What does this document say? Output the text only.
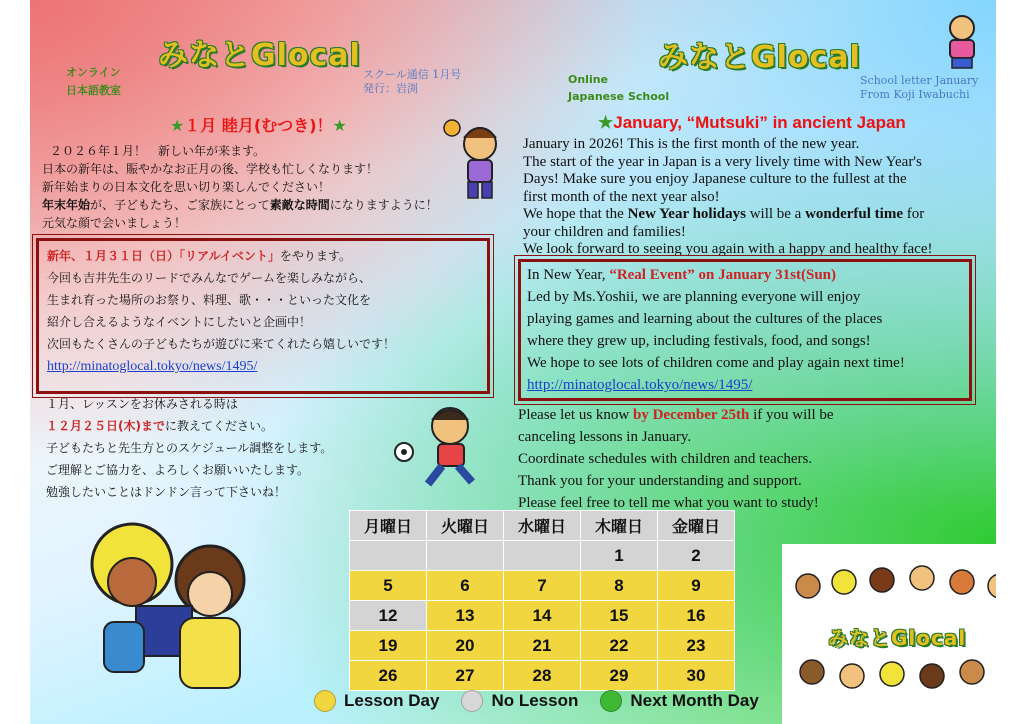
みなとGlocal
オンライン
日本語教室
スクール通信 1月号
発行：岩渕
★１月 睦月(むつき)！★
２０２６年１月！　新しい年が来ます。
日本の新年は、賑やかなお正月の後、学校も忙しくなります！
新年始まりの日本文化を思い切り楽しんでください！
年末年始が、子どもたち、ご家族にとって素敵な時間になりますように！
元気な顔で会いましょう！
新年、１月３１日（日）「リアルイベント」をやります。
今回も吉井先生のリードでみんなでゲームを楽しみながら、
生まれ育った場所のお祭り、料理、歌・・・といった文化を
紹介し合えるようなイベントにしたいと企画中！
次回もたくさんの子どもたちが遊びに来てくれたら嬉しいです！
http://minatoglocal.tokyo/news/1495/
１月、レッスンをお休みされる時は
１２月２５日(木)までに教えてください。
子どもたちと先生方とのスケジュール調整をします。
ご理解とご協力を、よろしくお願いいたします。
勉強したいことはドンドン言って下さいね！
みなとGlocal
Online
Japanese School
School letter January
From Koji Iwabuchi
★January, “Mutsuki” in ancient Japan
January in 2026! This is the first month of the new year.
The start of the year in Japan is a very lively time with New Year's
Days! Make sure you enjoy Japanese culture to the fullest at the
first month of the next year also!
We hope that the New Year holidays will be a wonderful time for
your children and families!
We look forward to seeing you again with a happy and healthy face!
In New Year, “Real Event” on January 31st(Sun)
Led by Ms.Yoshii, we are planning everyone will enjoy
playing games and learning about the cultures of the places
where they grew up, including festivals, food, and songs!
We hope to see lots of children come and play again next time!
http://minatoglocal.tokyo/news/1495/
Please let us know by December 25th if you will be
canceling lessons in January.
Coordinate schedules with children and teachers.
Thank you for your understanding and support.
Please feel free to tell me what you want to study!
みなとGlocal
月曜日	火曜日	水曜日	木曜日	金曜日
			1	2
5	6	7	8	9
12	13	14	15	16
19	20	21	22	23
26	27	28	29	30
Lesson Day	No Lesson	Next Month Day
